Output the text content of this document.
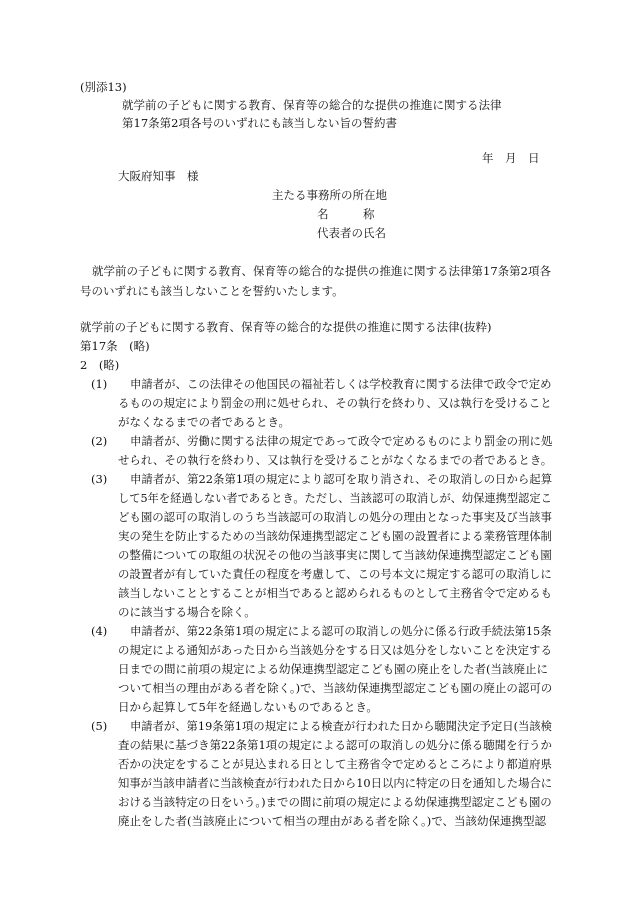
(別添13)
就学前の子どもに関する教育、保育等の総合的な提供の推進に関する法律
第17条第2項各号のいずれにも該当しない旨の誓約書
年　月　日
大阪府知事　様
主たる事務所の所在地
名　　　称
代表者の氏名
就学前の子どもに関する教育、保育等の総合的な提供の推進に関する法律第17条第2項各
号のいずれにも該当しないことを誓約いたします。
就学前の子どもに関する教育、保育等の総合的な提供の推進に関する法律(抜粋)
第17条　(略)
2　(略)
(1) 申請者が、この法律その他国民の福祉若しくは学校教育に関する法律で政令で定め
るものの規定により罰金の刑に処せられ、その執行を終わり、又は執行を受けること
がなくなるまでの者であるとき。
(2) 申請者が、労働に関する法律の規定であって政令で定めるものにより罰金の刑に処
せられ、その執行を終わり、又は執行を受けることがなくなるまでの者であるとき。
(3) 申請者が、第22条第1項の規定により認可を取り消され、その取消しの日から起算
して5年を経過しない者であるとき。ただし、当該認可の取消しが、幼保連携型認定こ
ども園の認可の取消しのうち当該認可の取消しの処分の理由となった事実及び当該事
実の発生を防止するための当該幼保連携型認定こども園の設置者による業務管理体制
の整備についての取組の状況その他の当該事実に関して当該幼保連携型認定こども園
の設置者が有していた責任の程度を考慮して、この号本文に規定する認可の取消しに
該当しないこととすることが相当であると認められるものとして主務省令で定めるも
のに該当する場合を除く。
(4) 申請者が、第22条第1項の規定による認可の取消しの処分に係る行政手続法第15条
の規定による通知があった日から当該処分をする日又は処分をしないことを決定する
日までの間に前項の規定による幼保連携型認定こども園の廃止をした者(当該廃止に
ついて相当の理由がある者を除く。)で、当該幼保連携型認定こども園の廃止の認可の
日から起算して5年を経過しないものであるとき。
(5) 申請者が、第19条第1項の規定による検査が行われた日から聴聞決定予定日(当該検
査の結果に基づき第22条第1項の規定による認可の取消しの処分に係る聴聞を行うか
否かの決定をすることが見込まれる日として主務省令で定めるところにより都道府県
知事が当該申請者に当該検査が行われた日から10日以内に特定の日を通知した場合に
おける当該特定の日をいう。)までの間に前項の規定による幼保連携型認定こども園の
廃止をした者(当該廃止について相当の理由がある者を除く。)で、当該幼保連携型認
